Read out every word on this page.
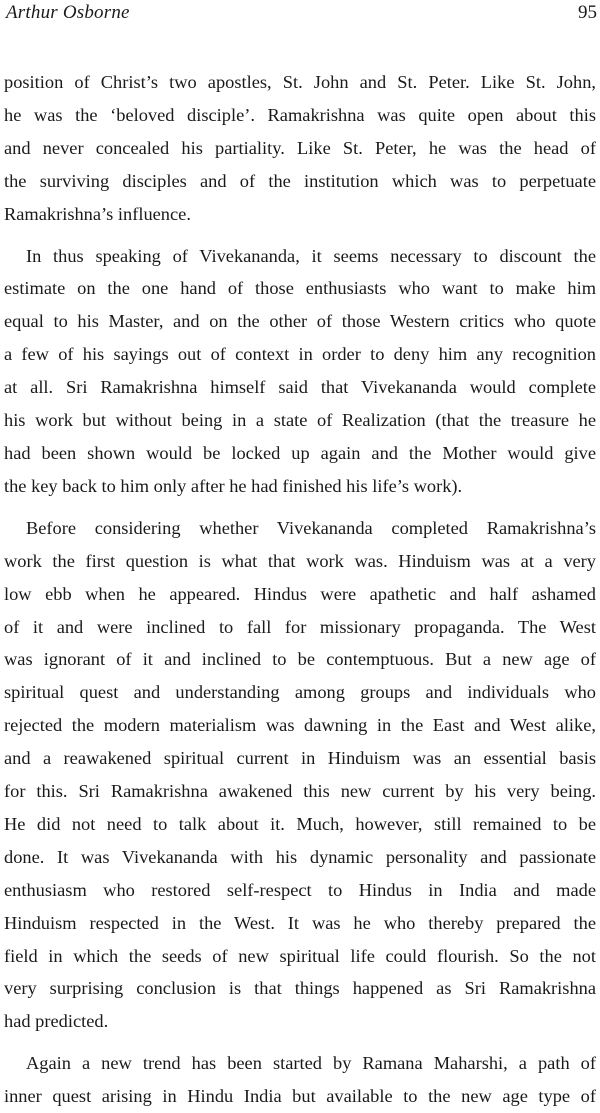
Arthur Osborne	95

position of Christ’s two apostles, St. John and St. Peter. Like St. John,
he was the ‘beloved disciple’. Ramakrishna was quite open about this
and never concealed his partiality. Like St. Peter, he was the head of
the surviving disciples and of the institution which was to perpetuate
Ramakrishna’s influence.

In thus speaking of Vivekananda, it seems necessary to discount the
estimate on the one hand of those enthusiasts who want to make him
equal to his Master, and on the other of those Western critics who quote
a few of his sayings out of context in order to deny him any recognition
at all. Sri Ramakrishna himself said that Vivekananda would complete
his work but without being in a state of Realization (that the treasure he
had been shown would be locked up again and the Mother would give
the key back to him only after he had finished his life’s work).

Before considering whether Vivekananda completed Ramakrishna’s
work the first question is what that work was. Hinduism was at a very
low ebb when he appeared. Hindus were apathetic and half ashamed
of it and were inclined to fall for missionary propaganda. The West
was ignorant of it and inclined to be contemptuous. But a new age of
spiritual quest and understanding among groups and individuals who
rejected the modern materialism was dawning in the East and West alike,
and a reawakened spiritual current in Hinduism was an essential basis
for this. Sri Ramakrishna awakened this new current by his very being.
He did not need to talk about it. Much, however, still remained to be
done. It was Vivekananda with his dynamic personality and passionate
enthusiasm who restored self-respect to Hindus in India and made
Hinduism respected in the West. It was he who thereby prepared the
field in which the seeds of new spiritual life could flourish. So the not
very surprising conclusion is that things happened as Sri Ramakrishna
had predicted.

Again a new trend has been started by Ramana Maharshi, a path of
inner quest arising in Hindu India but available to the new age type of
